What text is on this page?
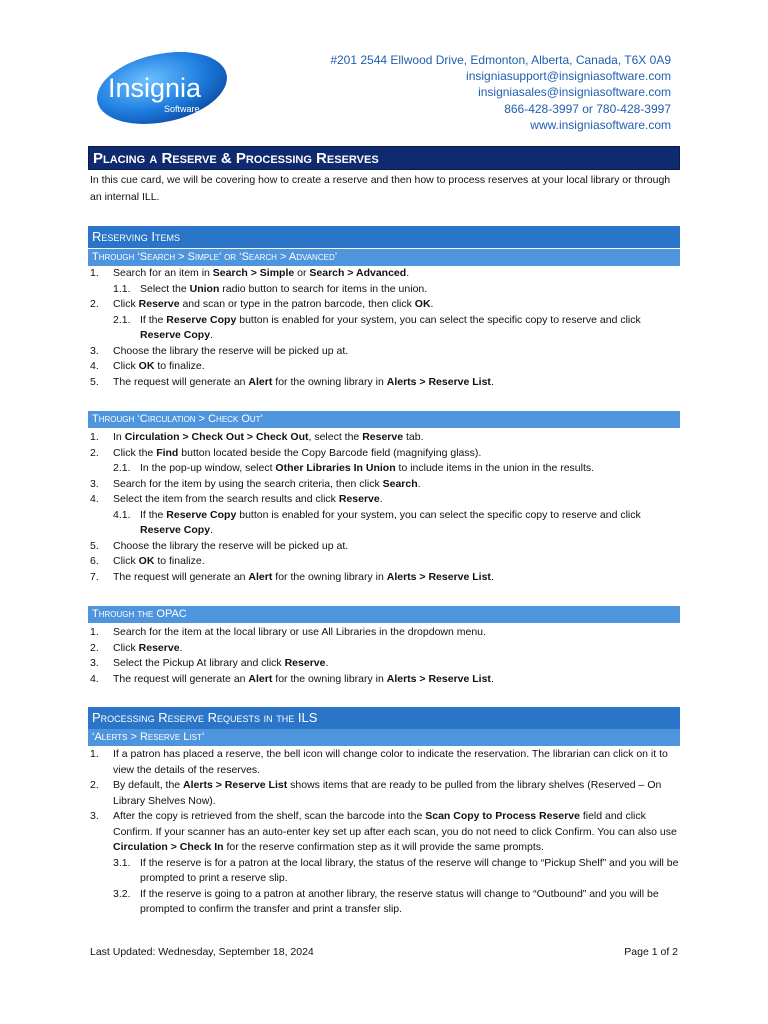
Insignia
Software
#201 2544 Ellwood Drive, Edmonton, Alberta, Canada, T6X 0A9
insigniasupport@insigniasoftware.com
insigniasales@insigniasoftware.com
866-428-3997 or 780-428-3997
www.insigniasoftware.com
Placing a Reserve & Processing Reserves
In this cue card, we will be covering how to create a reserve and then how to process reserves at your local library or through an internal ILL.
Reserving Items
Through ‘Search > Simple’ or ‘Search > Advanced’
1. Search for an item in Search > Simple or Search > Advanced.
1.1. Select the Union radio button to search for items in the union.
2. Click Reserve and scan or type in the patron barcode, then click OK.
2.1. If the Reserve Copy button is enabled for your system, you can select the specific copy to reserve and click Reserve Copy.
3. Choose the library the reserve will be picked up at.
4. Click OK to finalize.
5. The request will generate an Alert for the owning library in Alerts > Reserve List.
Through ‘Circulation > Check Out’
1. In Circulation > Check Out > Check Out, select the Reserve tab.
2. Click the Find button located beside the Copy Barcode field (magnifying glass).
2.1. In the pop-up window, select Other Libraries In Union to include items in the union in the results.
3. Search for the item by using the search criteria, then click Search.
4. Select the item from the search results and click Reserve.
4.1. If the Reserve Copy button is enabled for your system, you can select the specific copy to reserve and click Reserve Copy.
5. Choose the library the reserve will be picked up at.
6. Click OK to finalize.
7. The request will generate an Alert for the owning library in Alerts > Reserve List.
Through the OPAC
1. Search for the item at the local library or use All Libraries in the dropdown menu.
2. Click Reserve.
3. Select the Pickup At library and click Reserve.
4. The request will generate an Alert for the owning library in Alerts > Reserve List.
Processing Reserve Requests in the ILS
‘Alerts > Reserve List’
1. If a patron has placed a reserve, the bell icon will change color to indicate the reservation. The librarian can click on it to view the details of the reserves.
2. By default, the Alerts > Reserve List shows items that are ready to be pulled from the library shelves (Reserved – On Library Shelves Now).
3. After the copy is retrieved from the shelf, scan the barcode into the Scan Copy to Process Reserve field and click Confirm. If your scanner has an auto-enter key set up after each scan, you do not need to click Confirm. You can also use Circulation > Check In for the reserve confirmation step as it will provide the same prompts.
3.1. If the reserve is for a patron at the local library, the status of the reserve will change to “Pickup Shelf” and you will be prompted to print a reserve slip.
3.2. If the reserve is going to a patron at another library, the reserve status will change to “Outbound” and you will be prompted to confirm the transfer and print a transfer slip.
Last Updated: Wednesday, September 18, 2024	Page 1 of 2
